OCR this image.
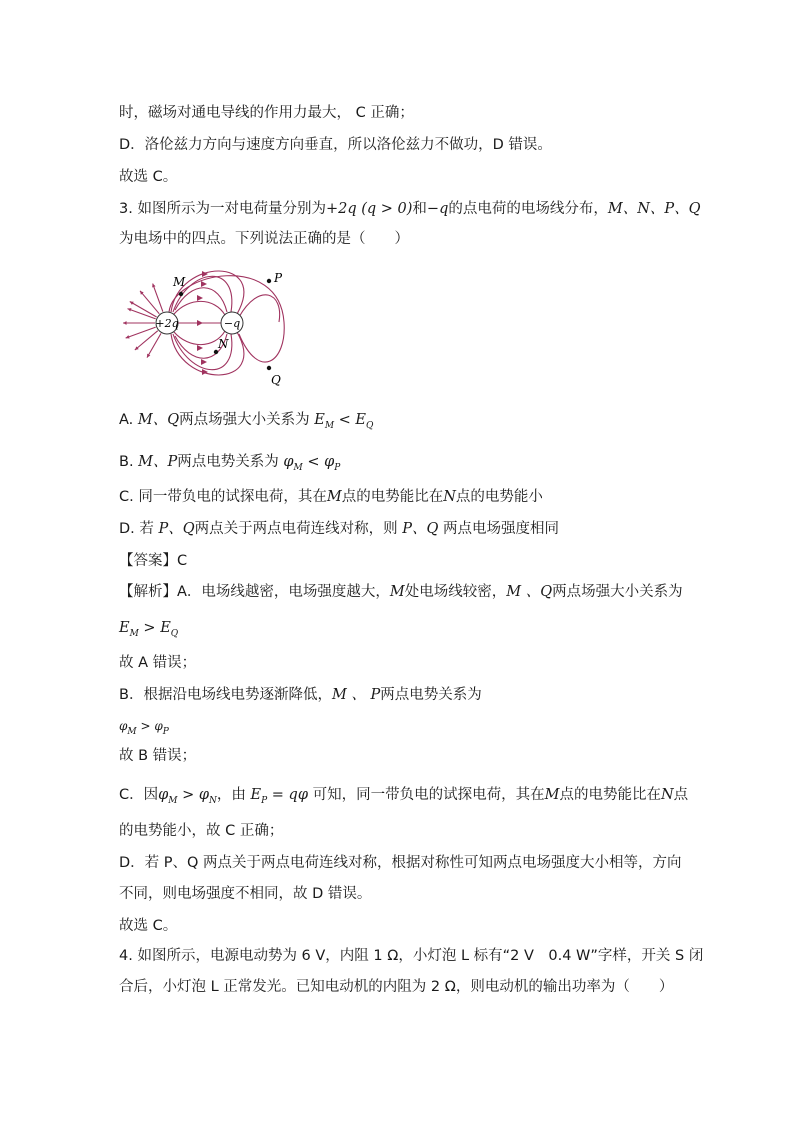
时，磁场对通电导线的作用力最大， C 正确；
D．洛伦兹力方向与速度方向垂直，所以洛伦兹力不做功，D 错误。
故选 C。
3. 如图所示为一对电荷量分别为+2q (q > 0)和−q的点电荷的电场线分布，M、N、P、Q
为电场中的四点。下列说法正确的是（　　）
+2q	−q
M	P
N
Q
A. M、Q两点场强大小关系为 $E_M < E_Q$
B. M、P两点电势关系为 $\varphi_M < \varphi_P$
C. 同一带负电的试探电荷，其在M点的电势能比在N点的电势能小
D. 若 P、Q两点关于两点电荷连线对称，则 P、Q 两点电场强度相同
【答案】C
【解析】A．电场线越密，电场强度越大，M处电场线较密，M 、Q两点场强大小关系为
$E_M > E_Q$
故 A 错误；
B．根据沿电场线电势逐渐降低，M 、 P两点电势关系为
$\varphi_M > \varphi_P$
故 B 错误；
C．因$\varphi_M > \varphi_N$，由 $E_P = q\varphi$ 可知，同一带负电的试探电荷，其在M点的电势能比在N点
的电势能小，故 C 正确；
D．若 P、Q 两点关于两点电荷连线对称，根据对称性可知两点电场强度大小相等，方向
不同，则电场强度不相同，故 D 错误。
故选 C。
4. 如图所示，电源电动势为 6 V，内阻 1 Ω，小灯泡 L 标有“2 V　0.4 W”字样，开关 S 闭
合后，小灯泡 L 正常发光。已知电动机的内阻为 2 Ω，则电动机的输出功率为（　　）
